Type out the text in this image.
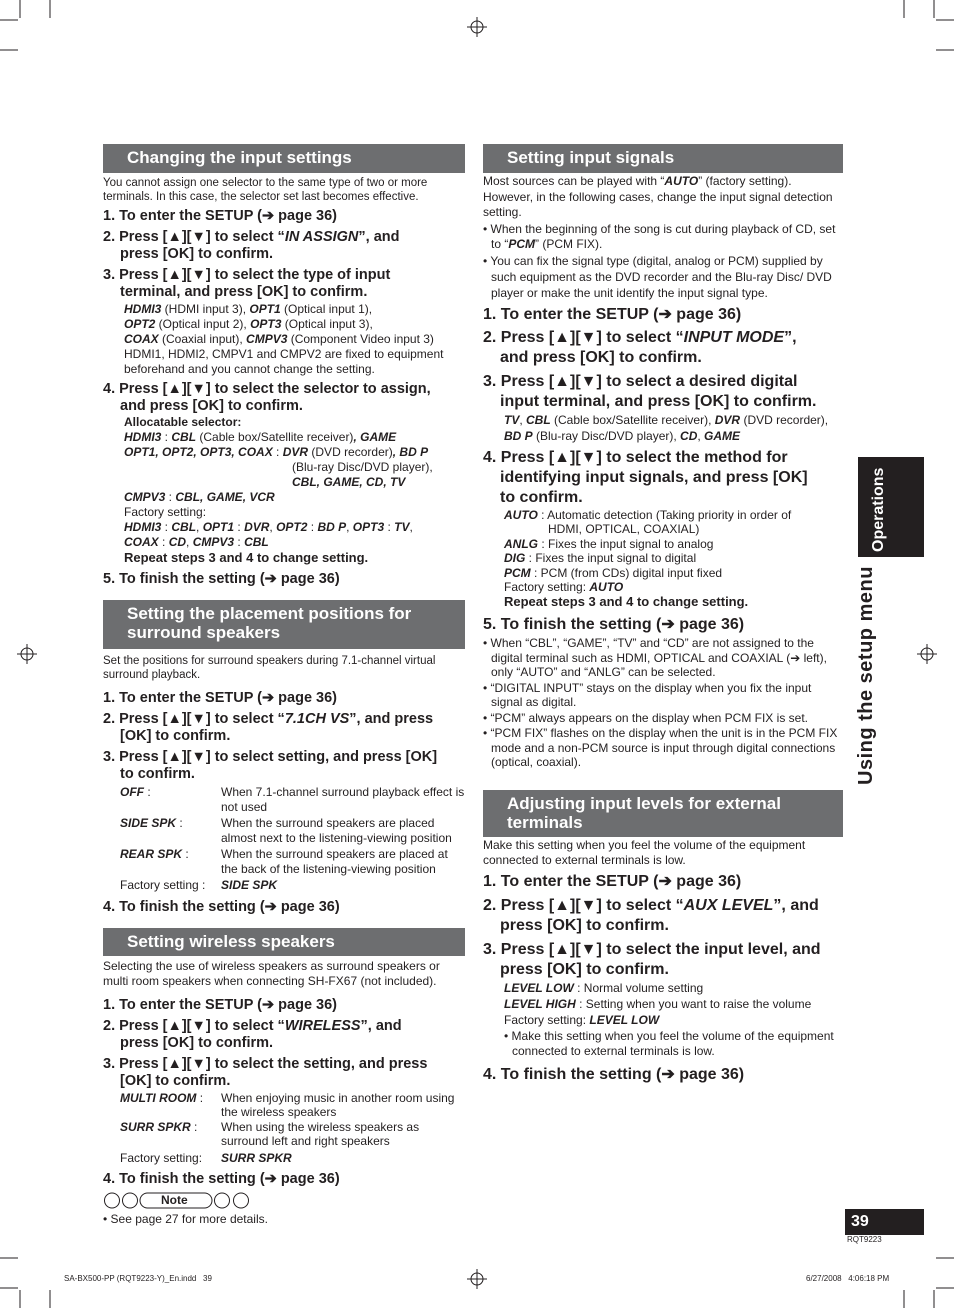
Changing the input settings
You cannot assign one selector to the same type of two or more terminals. In this case, the selector set last becomes effective.
1. To enter the SETUP (➔ page 36)
2. Press [▲][▼] to select “IN ASSIGN”, and
press [OK] to confirm.
3. Press [▲][▼] to select the type of input
terminal, and press [OK] to confirm.
HDMI3 (HDMI input 3), OPT1 (Optical input 1),
OPT2 (Optical input 2), OPT3 (Optical input 3),
COAX (Coaxial input), CMPV3 (Component Video input 3)
HDMI1, HDMI2, CMPV1 and CMPV2 are fixed to equipment beforehand and you cannot change the setting.
4. Press [▲][▼] to select the selector to assign,
and press [OK] to confirm.
Allocatable selector:
HDMI3 : CBL (Cable box/Satellite receiver), GAME
OPT1, OPT2, OPT3, COAX : DVR (DVD recorder), BD P
(Blu-ray Disc/DVD player),
CBL, GAME, CD, TV
CMPV3 : CBL, GAME, VCR
Factory setting:
HDMI3 : CBL, OPT1 : DVR, OPT2 : BD P, OPT3 : TV,
COAX : CD, CMPV3 : CBL
Repeat steps 3 and 4 to change setting.
5. To finish the setting (➔ page 36)
Setting the placement positions for
surround speakers
Set the positions for surround speakers during 7.1-channel virtual surround playback.
1. To enter the SETUP (➔ page 36)
2. Press [▲][▼] to select “7.1CH VS”, and press
[OK] to confirm.
3. Press [▲][▼] to select setting, and press [OK]
to confirm.
OFF :	When 7.1-channel surround playback effect is not used
SIDE SPK :	When the surround speakers are placed almost next to the listening-viewing position
REAR SPK :	When the surround speakers are placed at the back of the listening-viewing position
Factory setting :	SIDE SPK
4. To finish the setting (➔ page 36)
Setting wireless speakers
Selecting the use of wireless speakers as surround speakers or multi room speakers when connecting SH-FX67 (not included).
1. To enter the SETUP (➔ page 36)
2. Press [▲][▼] to select “WIRELESS”, and
press [OK] to confirm.
3. Press [▲][▼] to select the setting, and press
[OK] to confirm.
MULTI ROOM :	When enjoying music in another room using the wireless speakers
SURR SPKR :	When using the wireless speakers as surround left and right speakers
Factory setting:	SURR SPKR
4. To finish the setting (➔ page 36)
Note
• See page 27 for more details.
Setting input signals
Most sources can be played with “AUTO” (factory setting). However, in the following cases, change the input signal detection setting.
• When the beginning of the song is cut during playback of CD, set to “PCM” (PCM FIX).
• You can fix the signal type (digital, analog or PCM) supplied by such equipment as the DVD recorder and the Blu-ray Disc/ DVD player or make the unit identify the input signal type.
1. To enter the SETUP (➔ page 36)
2. Press [▲][▼] to select “INPUT MODE”,
and press [OK] to confirm.
3. Press [▲][▼] to select a desired digital
input terminal, and press [OK] to confirm.
TV, CBL (Cable box/Satellite receiver), DVR (DVD recorder), BD P (Blu-ray Disc/DVD player), CD, GAME
4. Press [▲][▼] to select the method for
identifying input signals, and press [OK]
to confirm.
AUTO : Automatic detection (Taking priority in order of
HDMI, OPTICAL, COAXIAL)
ANLG : Fixes the input signal to analog
DIG : Fixes the input signal to digital
PCM : PCM (from CDs) digital input fixed
Factory setting: AUTO
Repeat steps 3 and 4 to change setting.
5. To finish the setting (➔ page 36)
• When “CBL”, “GAME”, “TV” and “CD” are not assigned to the digital terminal such as HDMI, OPTICAL and COAXIAL (➔ left), only “AUTO” and “ANLG” can be selected.
• “DIGITAL INPUT” stays on the display when you fix the input signal as digital.
• “PCM” always appears on the display when PCM FIX is set.
• “PCM FIX” flashes on the display when the unit is in the PCM FIX mode and a non-PCM source is input through digital connections (optical, coaxial).
Adjusting input levels for external
terminals
Make this setting when you feel the volume of the equipment connected to external terminals is low.
1. To enter the SETUP (➔ page 36)
2. Press [▲][▼] to select “AUX LEVEL”, and
press [OK] to confirm.
3. Press [▲][▼] to select the input level, and
press [OK] to confirm.
LEVEL LOW : Normal volume setting
LEVEL HIGH : Setting when you want to raise the volume
Factory setting: LEVEL LOW
• Make this setting when you feel the volume of the equipment connected to external terminals is low.
4. To finish the setting (➔ page 36)
Using the setup menu
39
RQT9223
SA-BX500-PP (RQT9223-Y)_En.indd   39	6/27/2008   4:06:18 PM
